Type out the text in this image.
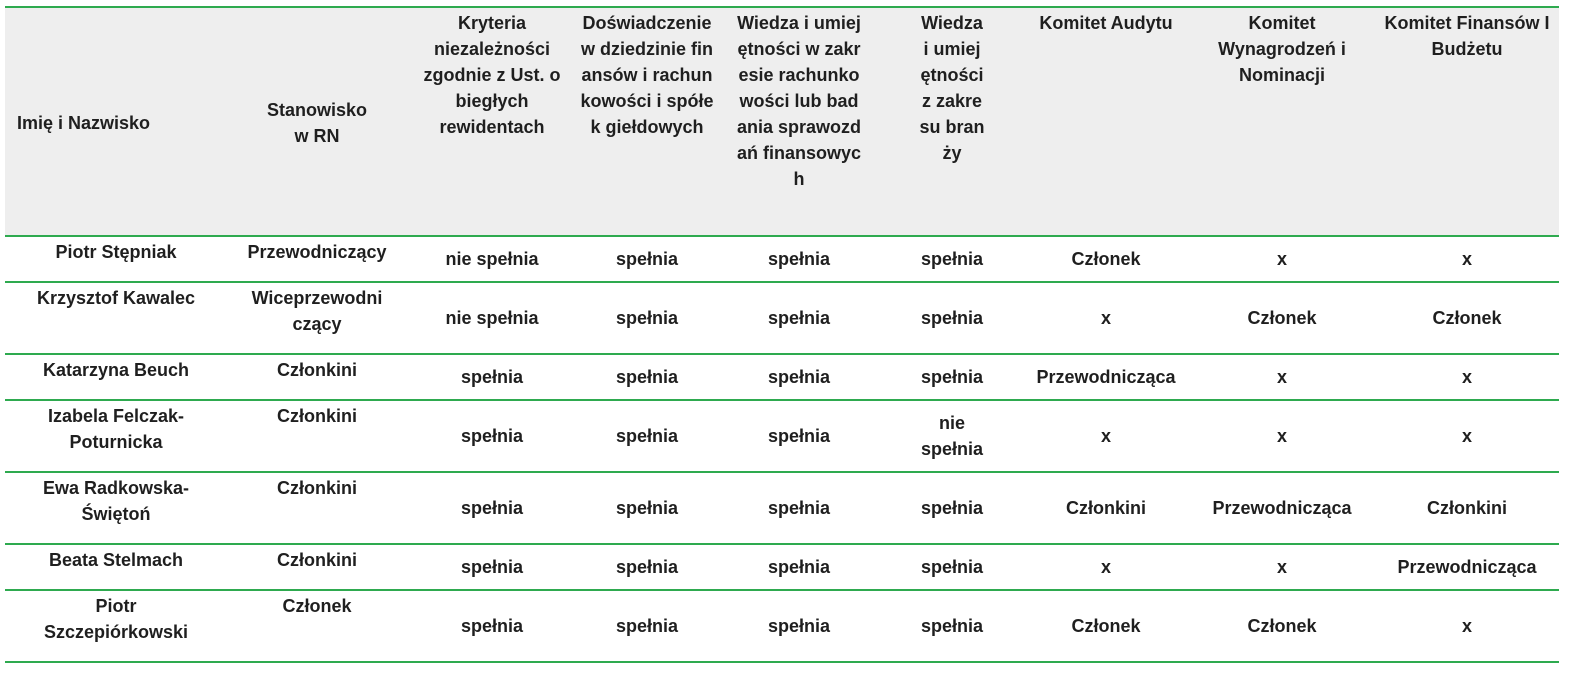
Imię i Nazwisko	Stanowisko w RN	Kryteria niezależności zgodnie z Ust. o biegłych rewidentach	Doświadczenie w dziedzinie finansów i rachunkowości i spółek giełdowych	Wiedza i umiejętności w zakresie rachunkowości lub badania sprawozdań finansowych	Wiedza i umiejętności z zakresu branży	Komitet Audytu	Komitet Wynagrodzeń i Nominacji	Komitet Finansów I Budżetu
Piotr Stępniak	Przewodniczący	nie spełnia	spełnia	spełnia	spełnia	Członek	x	x
Krzysztof Kawalec	Wiceprzewodniczący	nie spełnia	spełnia	spełnia	spełnia	x	Członek	Członek
Katarzyna Beuch	Członkini	spełnia	spełnia	spełnia	spełnia	Przewodnicząca	x	x
Izabela Felczak-Poturnicka	Członkini	spełnia	spełnia	spełnia	nie spełnia	x	x	x
Ewa Radkowska-Świętoń	Członkini	spełnia	spełnia	spełnia	spełnia	Członkini	Przewodnicząca	Członkini
Beata Stelmach	Członkini	spełnia	spełnia	spełnia	spełnia	x	x	Przewodnicząca
Piotr Szczepiórkowski	Członek	spełnia	spełnia	spełnia	spełnia	Członek	Członek	x
